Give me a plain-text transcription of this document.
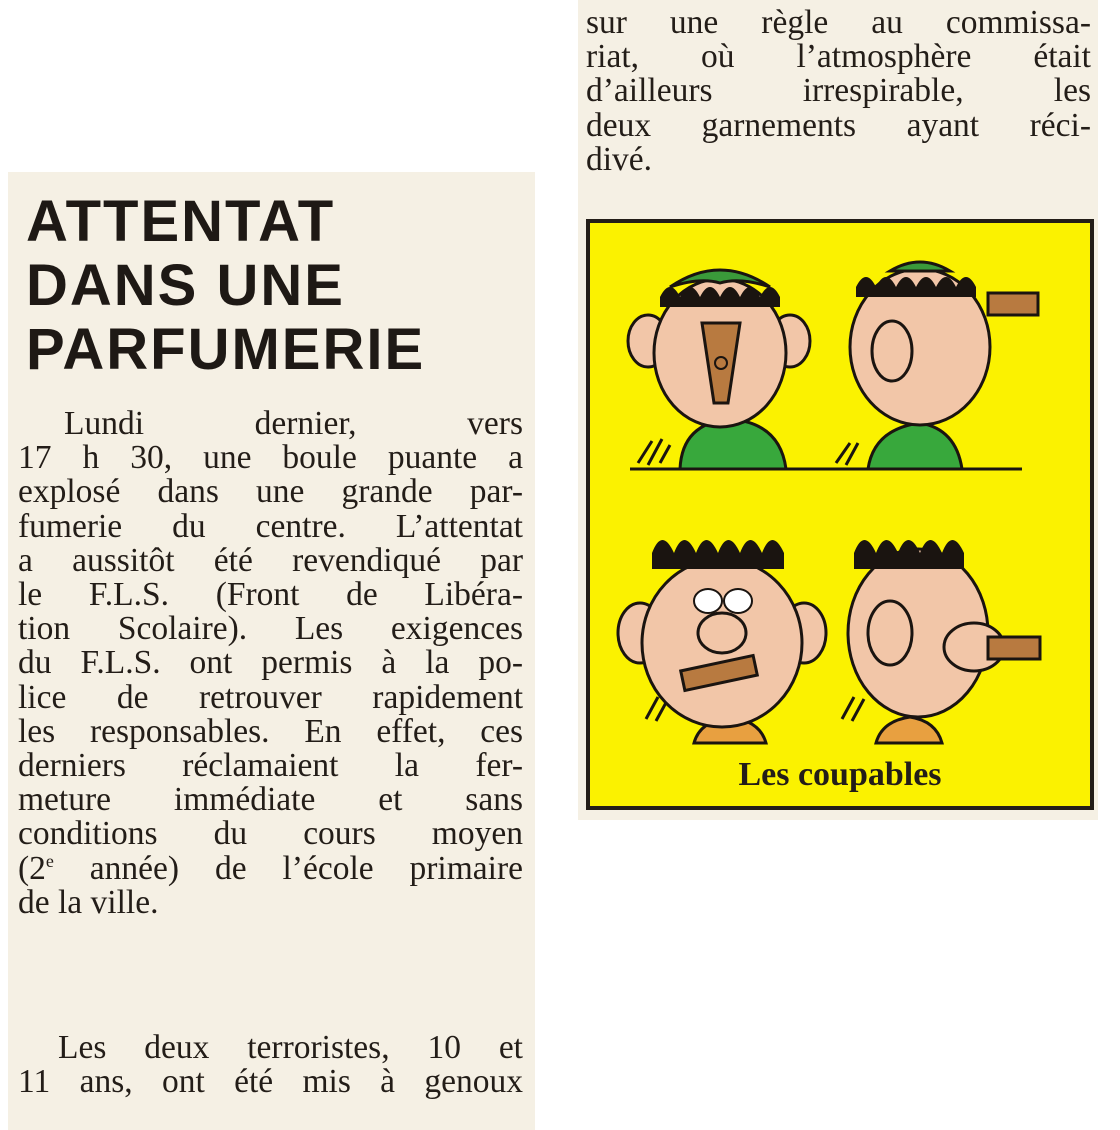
ATTENTAT
DANS UNE
PARFUMERIE
Lundi dernier, vers
17 h 30, une boule puante a
explosé dans une grande par-
fumerie du centre. L’attentat
a aussitôt été revendiqué par
le F.L.S. (Front de Libéra-
tion Scolaire). Les exigences
du F.L.S. ont permis à la po-
lice de retrouver rapidement
les responsables. En effet, ces
derniers réclamaient la fer-
meture immédiate et sans
conditions du cours moyen
(2e année) de l’école primaire
de la ville.
Les deux terroristes, 10 et
11 ans, ont été mis à genoux
sur une règle au commissa-
riat, où l’atmosphère était
d’ailleurs irrespirable, les
deux garnements ayant réci-
divé.
Les coupables
